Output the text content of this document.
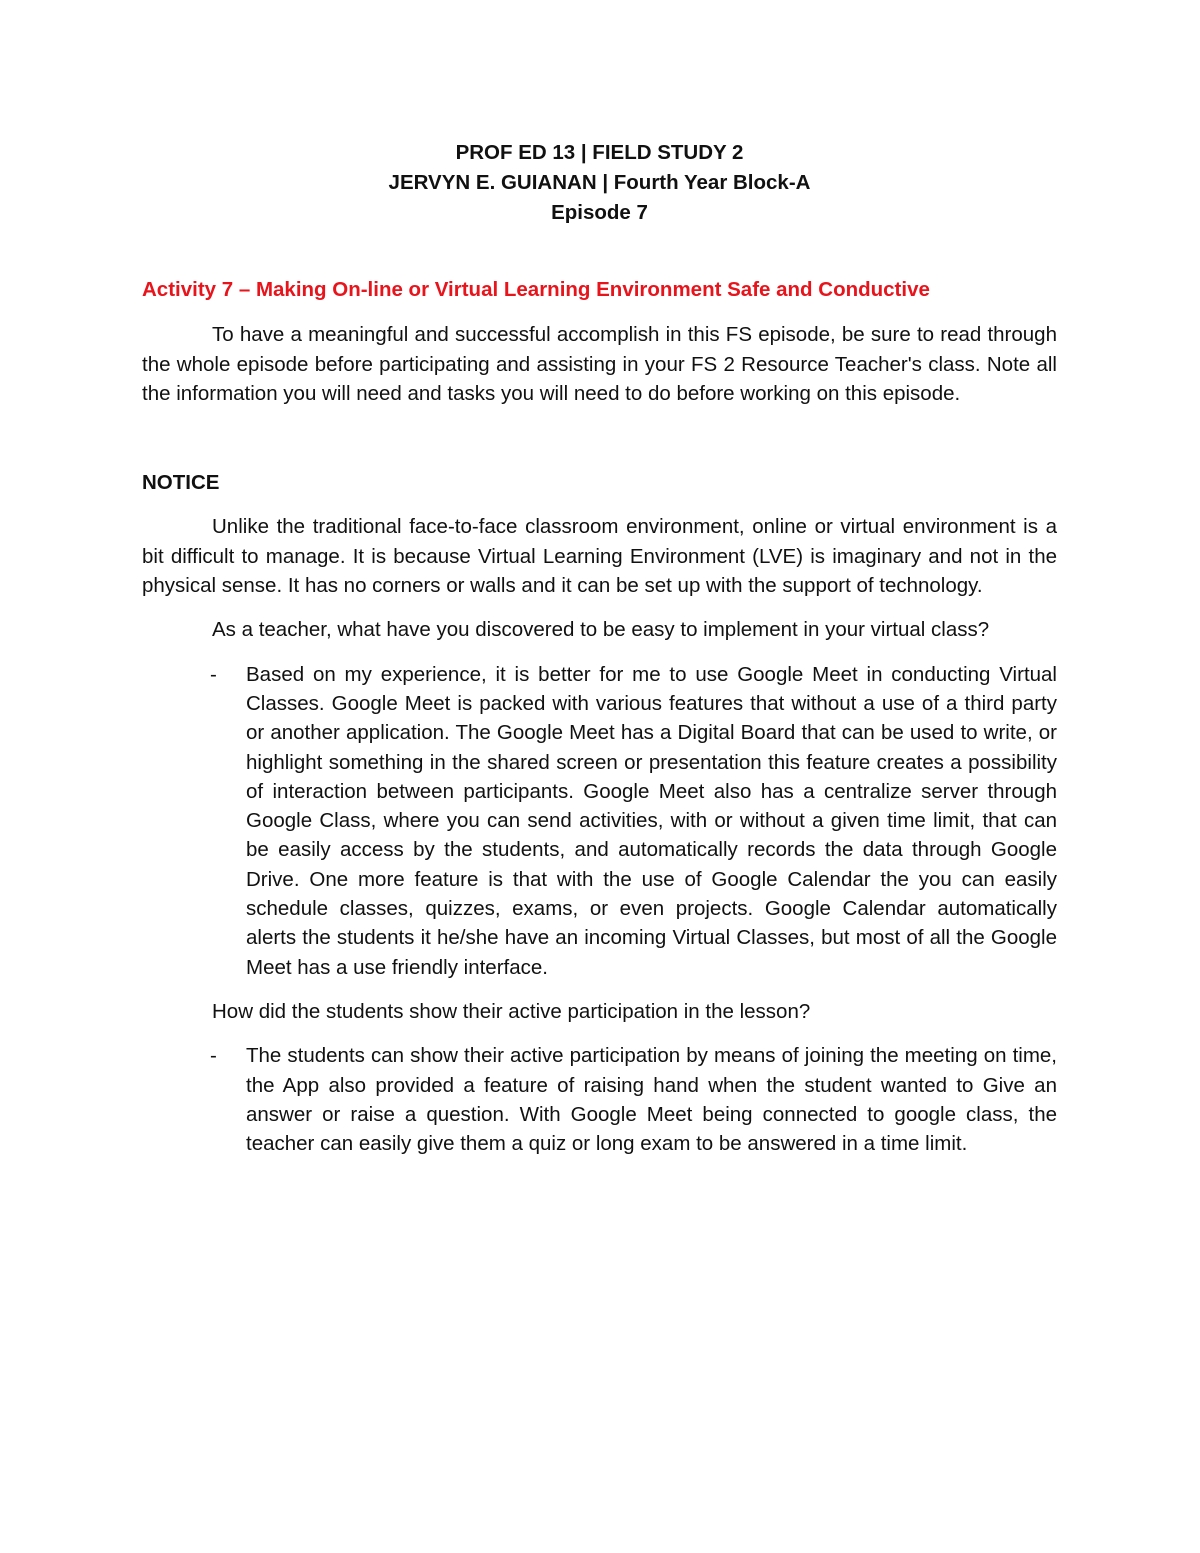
PROF ED 13 | FIELD STUDY 2
JERVYN E. GUIANAN | Fourth Year Block-A
Episode 7
Activity 7 – Making On-line or Virtual Learning Environment Safe and Conductive
To have a meaningful and successful accomplish in this FS episode, be sure to read through the whole episode before participating and assisting in your FS 2 Resource Teacher's class. Note all the information you will need and tasks you will need to do before working on this episode.
NOTICE
Unlike the traditional face-to-face classroom environment, online or virtual environment is a bit difficult to manage. It is because Virtual Learning Environment (LVE) is imaginary and not in the physical sense. It has no corners or walls and it can be set up with the support of technology.
As a teacher, what have you discovered to be easy to implement in your virtual class?
- Based on my experience, it is better for me to use Google Meet in conducting Virtual Classes. Google Meet is packed with various features that without a use of a third party or another application. The Google Meet has a Digital Board that can be used to write, or highlight something in the shared screen or presentation this feature creates a possibility of interaction between participants. Google Meet also has a centralize server through Google Class, where you can send activities, with or without a given time limit, that can be easily access by the students, and automatically records the data through Google Drive. One more feature is that with the use of Google Calendar the you can easily schedule classes, quizzes, exams, or even projects. Google Calendar automatically alerts the students it he/she have an incoming Virtual Classes, but most of all the Google Meet has a use friendly interface.
How did the students show their active participation in the lesson?
- The students can show their active participation by means of joining the meeting on time, the App also provided a feature of raising hand when the student wanted to Give an answer or raise a question. With Google Meet being connected to google class, the teacher can easily give them a quiz or long exam to be answered in a time limit.
